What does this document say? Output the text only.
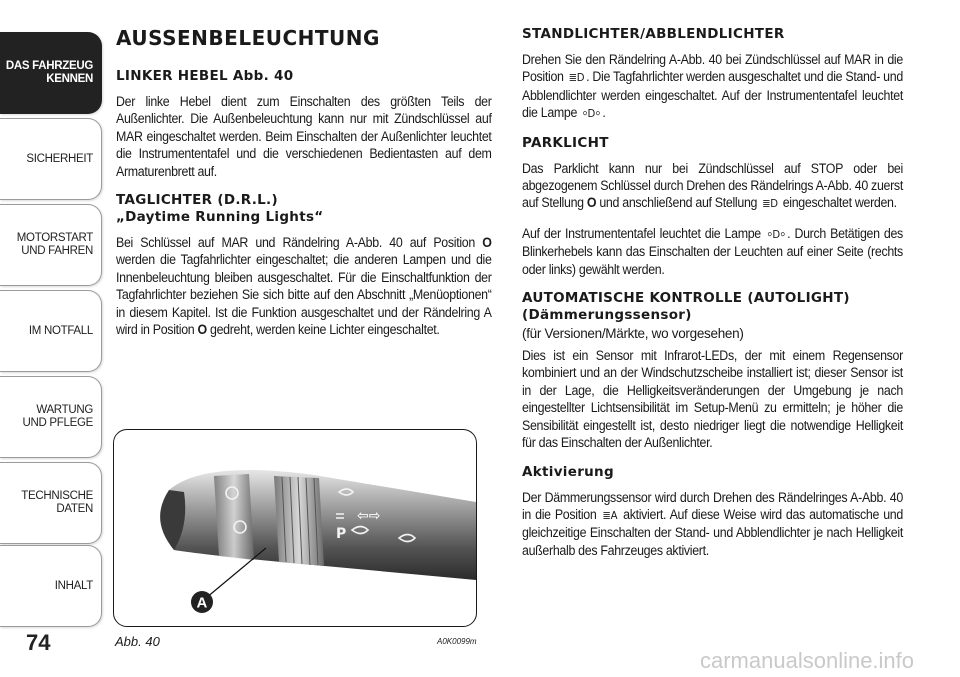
DAS FAHRZEUG
KENNEN
SICHERHEIT
MOTORSTART
UND FAHREN
IM NOTFALL
WARTUNG
UND PFLEGE
TECHNISCHE
DATEN
INHALT
74
AUSSENBELEUCHTUNG
LINKER HEBEL Abb. 40

Der linke Hebel dient zum Einschalten des größten Teils der Außenlichter. Die Außenbeleuchtung kann nur mit Zündschlüssel auf MAR eingeschaltet werden. Beim Einschalten der Außenlichter leuchtet die Instrumententafel und die verschiedenen Bedientasten auf dem Armaturenbrett auf.

TAGLICHTER (D.R.L.)
„Daytime Running Lights“

Bei Schlüssel auf MAR und Rändelring A-Abb. 40 auf Position O werden die Tagfahrlichter eingeschaltet; die anderen Lampen und die Innenbeleuchtung bleiben ausgeschaltet. Für die Einschaltfunktion der Tagfahrlichter beziehen Sie sich bitte auf den Abschnitt „Menüoptionen“ in diesem Kapitel. Ist die Funktion ausgeschaltet und der Rändelring A wird in Position O gedreht, werden keine Lichter eingeschaltet.

STANDLICHTER/ABBLENDLICHTER

Drehen Sie den Rändelring A-Abb. 40 bei Zündschlüssel auf MAR in die Position ≣D . Die Tagfahrlichter werden ausgeschaltet und die Stand- und Abblendlichter werden eingeschaltet. Auf der Instrumententafel leuchtet die Lampe ⸰D⸰ .

PARKLICHT

Das Parklicht kann nur bei Zündschlüssel auf STOP oder bei abgezogenem Schlüssel durch Drehen des Rändelrings A-Abb. 40 zuerst auf Stellung O und anschließend auf Stellung ≣D eingeschaltet werden.

Auf der Instrumententafel leuchtet die Lampe ⸰D⸰ . Durch Betätigen des Blinkerhebels kann das Einschalten der Leuchten auf einer Seite (rechts oder links) gewählt werden.

AUTOMATISCHE KONTROLLE (AUTOLIGHT)
(Dämmerungssensor)
(für Versionen/Märkte, wo vorgesehen)

Dies ist ein Sensor mit Infrarot-LEDs, der mit einem Regensensor kombiniert und an der Windschutzscheibe installiert ist; dieser Sensor ist in der Lage, die Helligkeitsveränderungen der Umgebung je nach eingestellter Lichtsensibilität im Setup-Menü zu ermitteln; je höher die Sensibilität eingestellt ist, desto niedriger liegt die notwendige Helligkeit für das Einschalten der Außenlichter.

Aktivierung

Der Dämmerungssensor wird durch Drehen des Rändelringes A-Abb. 40 in die Position ≣A aktiviert. Auf diese Weise wird das automatische und gleichzeitige Einschalten der Stand- und Abblendlichter je nach Helligkeit außerhalb des Fahrzeuges aktiviert.

P
⇦⇨
A
Abb. 40	A0K0099m
carmanualsonline.info
